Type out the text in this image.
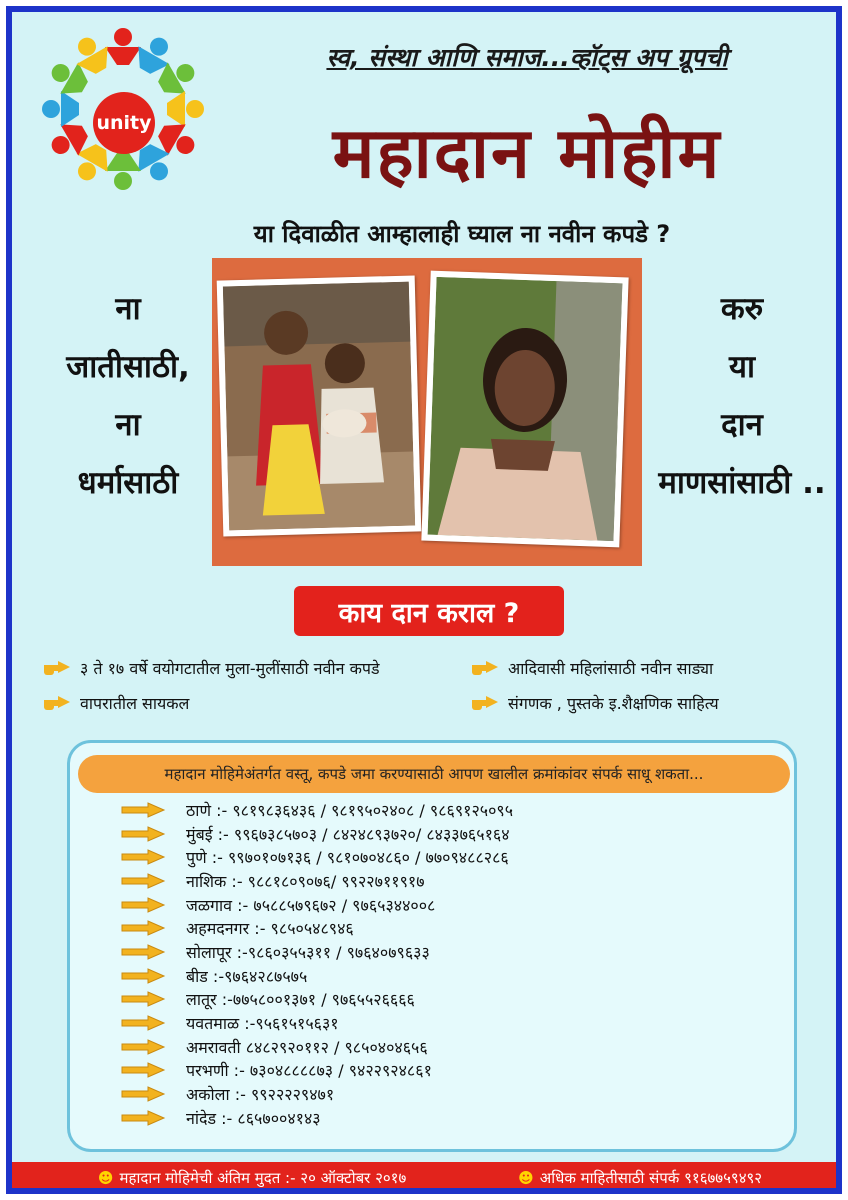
unity
स्व, संस्था आणि समाज...व्हॉट्स अप ग्रूपची
महादान मोहीम
या दिवाळीत आम्हालाही घ्याल ना नवीन कपडे ?
ना
जातीसाठी,
ना
धर्मासाठी
करु
या
दान
माणसांसाठी ..
काय दान कराल ?
३ ते १७ वर्षे वयोगटातील मुला-मुलींसाठी नवीन कपडे	आदिवासी महिलांसाठी नवीन साड्या
वापरातील सायकल	संगणक , पुस्तके इ.शैक्षणिक साहित्य
महादान मोहिमेअंतर्गत वस्तू, कपडे जमा करण्यासाठी आपण खालील क्रमांकांवर संपर्क साधू शकता...
ठाणे :- ९८१९८३६४३६ / ९८१९५०२४०८ / ९८६९१२५०९५
मुंबई :- ९९६७३८५७०३ / ८४२४८९३७२०/ ८४३३७६५१६४
पुणे :- ९९७०१०७१३६ / ९८१०७०४८६० / ७७०९४८८२८६
नाशिक :- ९८८१८०९०७६/ ९९२२७११९१७
जळगाव :- ७५८८५७९६७२ / ९७६५३४४००८
अहमदनगर :- ९८५०५४८९४६
सोलापूर :-९८६०३५५३११ / ९७६४०७९६३३
बीड :-९७६४२८७५७५
लातूर :-७७५८००१३७१ / ९७६५५२६६६६
यवतमाळ :-९५६१५१५६३१
अमरावती ८४८२९२०११२ / ९८५०४०४६५६
परभणी :- ७३०४८८८८७३ / ९४२२९२४८६१
अकोला :- ९९२२२२९४७१
नांदेड :- ८६५७००४१४३
☻ महादान मोहिमेची अंतिम मुदत :- २० ऑक्टोबर २०१७	☻ अधिक माहितीसाठी संपर्क ९१६७७५९४९२
